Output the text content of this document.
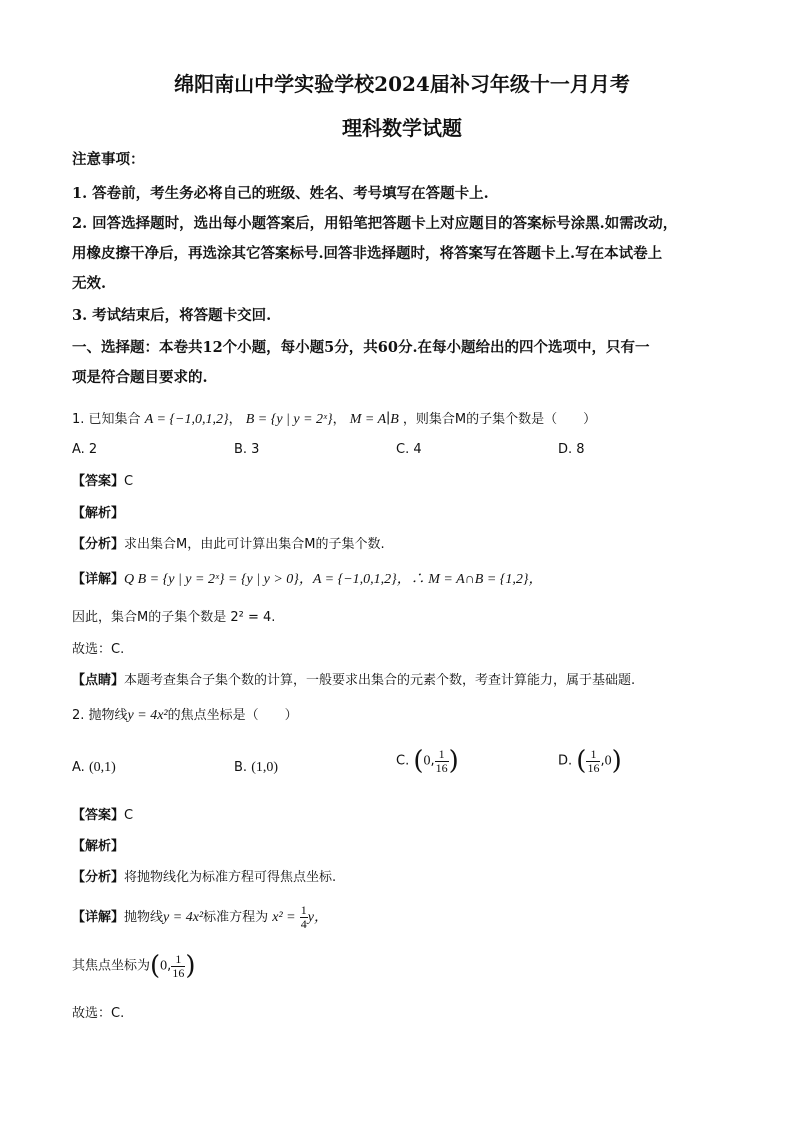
绵阳南山中学实验学校2024届补习年级十一月月考
理科数学试题
注意事项：
1. 答卷前，考生务必将自己的班级、姓名、考号填写在答题卡上.
2. 回答选择题时，选出每小题答案后，用铅笔把答题卡上对应题目的答案标号涂黑.如需改动，
用橡皮擦干净后，再选涂其它答案标号.回答非选择题时，将答案写在答题卡上.写在本试卷上
无效.
3. 考试结束后，将答题卡交回.
一、选择题：本卷共12个小题，每小题5分，共60分.在每小题给出的四个选项中，只有一
项是符合题目要求的.
1. 已知集合 A = {−1,0,1,2}， B = {y | y = 2ˣ}， M = A∣B ，则集合M的子集个数是（　　）
A. 2	B. 3	C. 4	D. 8
【答案】C
【解析】
【分析】求出集合M，由此可计算出集合M的子集个数.
【详解】Q B = {y | y = 2ˣ} = {y | y > 0}，A = {−1,0,1,2}，∴ M = A∩B = {1,2}，
因此，集合M的子集个数是 2² = 4.
故选：C.
【点睛】本题考查集合子集个数的计算，一般要求出集合的元素个数，考查计算能力，属于基础题.
2. 抛物线y = 4x²的焦点坐标是（　　）
A. (0,1)	B. (1,0)	C. (0, $\frac{1}{16}$ )	D. ( $\frac{1}{16} ,0$)
【答案】C
【解析】
【分析】将抛物线化为标准方程可得焦点坐标.
【详解】抛物线y = 4x²标准方程为 $x^2 = \frac{1}{4}$ y，
其焦点坐标为(0, $\frac{1}{16}$ )
故选：C.
